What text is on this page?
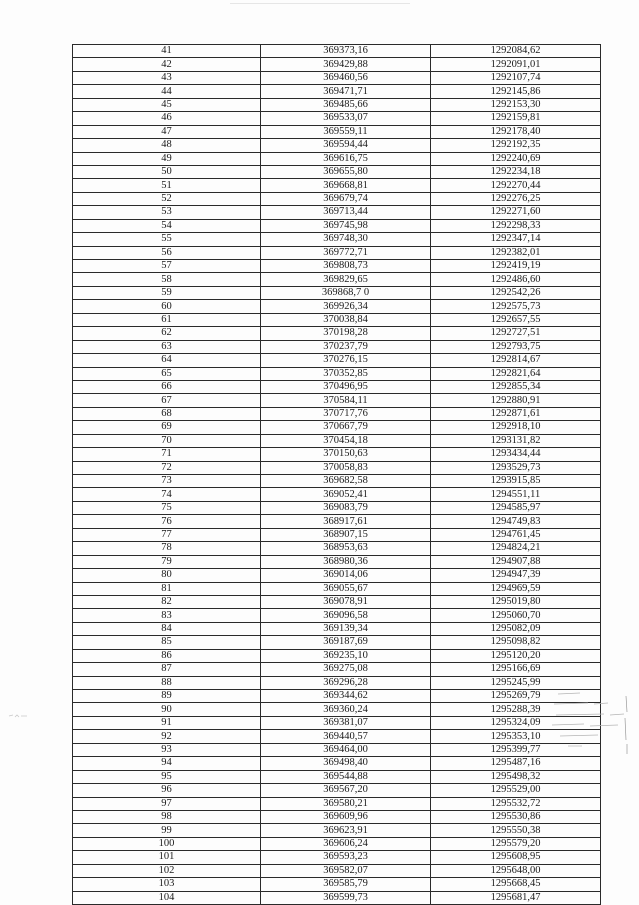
41	369373,16	1292084,62
42	369429,88	1292091,01
43	369460,56	1292107,74
44	369471,71	1292145,86
45	369485,66	1292153,30
46	369533,07	1292159,81
47	369559,11	1292178,40
48	369594,44	1292192,35
49	369616,75	1292240,69
50	369655,80	1292234,18
51	369668,81	1292270,44
52	369679,74	1292276,25
53	369713,44	1292271,60
54	369745,98	1292298,33
55	369748,30	1292347,14
56	369772,71	1292382,01
57	369808,73	1292419,19
58	369829,65	1292486,60
59	369868,7 0	1292542,26
60	369926,34	1292575,73
61	370038,84	1292657,55
62	370198,28	1292727,51
63	370237,79	1292793,75
64	370276,15	1292814,67
65	370352,85	1292821,64
66	370496,95	1292855,34
67	370584,11	1292880,91
68	370717,76	1292871,61
69	370667,79	1292918,10
70	370454,18	1293131,82
71	370150,63	1293434,44
72	370058,83	1293529,73
73	369682,58	1293915,85
74	369052,41	1294551,11
75	369083,79	1294585,97
76	368917,61	1294749,83
77	368907,15	1294761,45
78	368953,63	1294824,21
79	368980,36	1294907,88
80	369014,06	1294947,39
81	369055,67	1294969,59
82	369078,91	1295019,80
83	369096,58	1295060,70
84	369139,34	1295082,09
85	369187,69	1295098,82
86	369235,10	1295120,20
87	369275,08	1295166,69
88	369296,28	1295245,99
89	369344,62	1295269,79
90	369360,24	1295288,39
91	369381,07	1295324,09
92	369440,57	1295353,10
93	369464,00	1295399,77
94	369498,40	1295487,16
95	369544,88	1295498,32
96	369567,20	1295529,00
97	369580,21	1295532,72
98	369609,96	1295530,86
99	369623,91	1295550,38
100	369606,24	1295579,20
101	369593,23	1295608,95
102	369582,07	1295648,00
103	369585,79	1295668,45
104	369599,73	1295681,47
